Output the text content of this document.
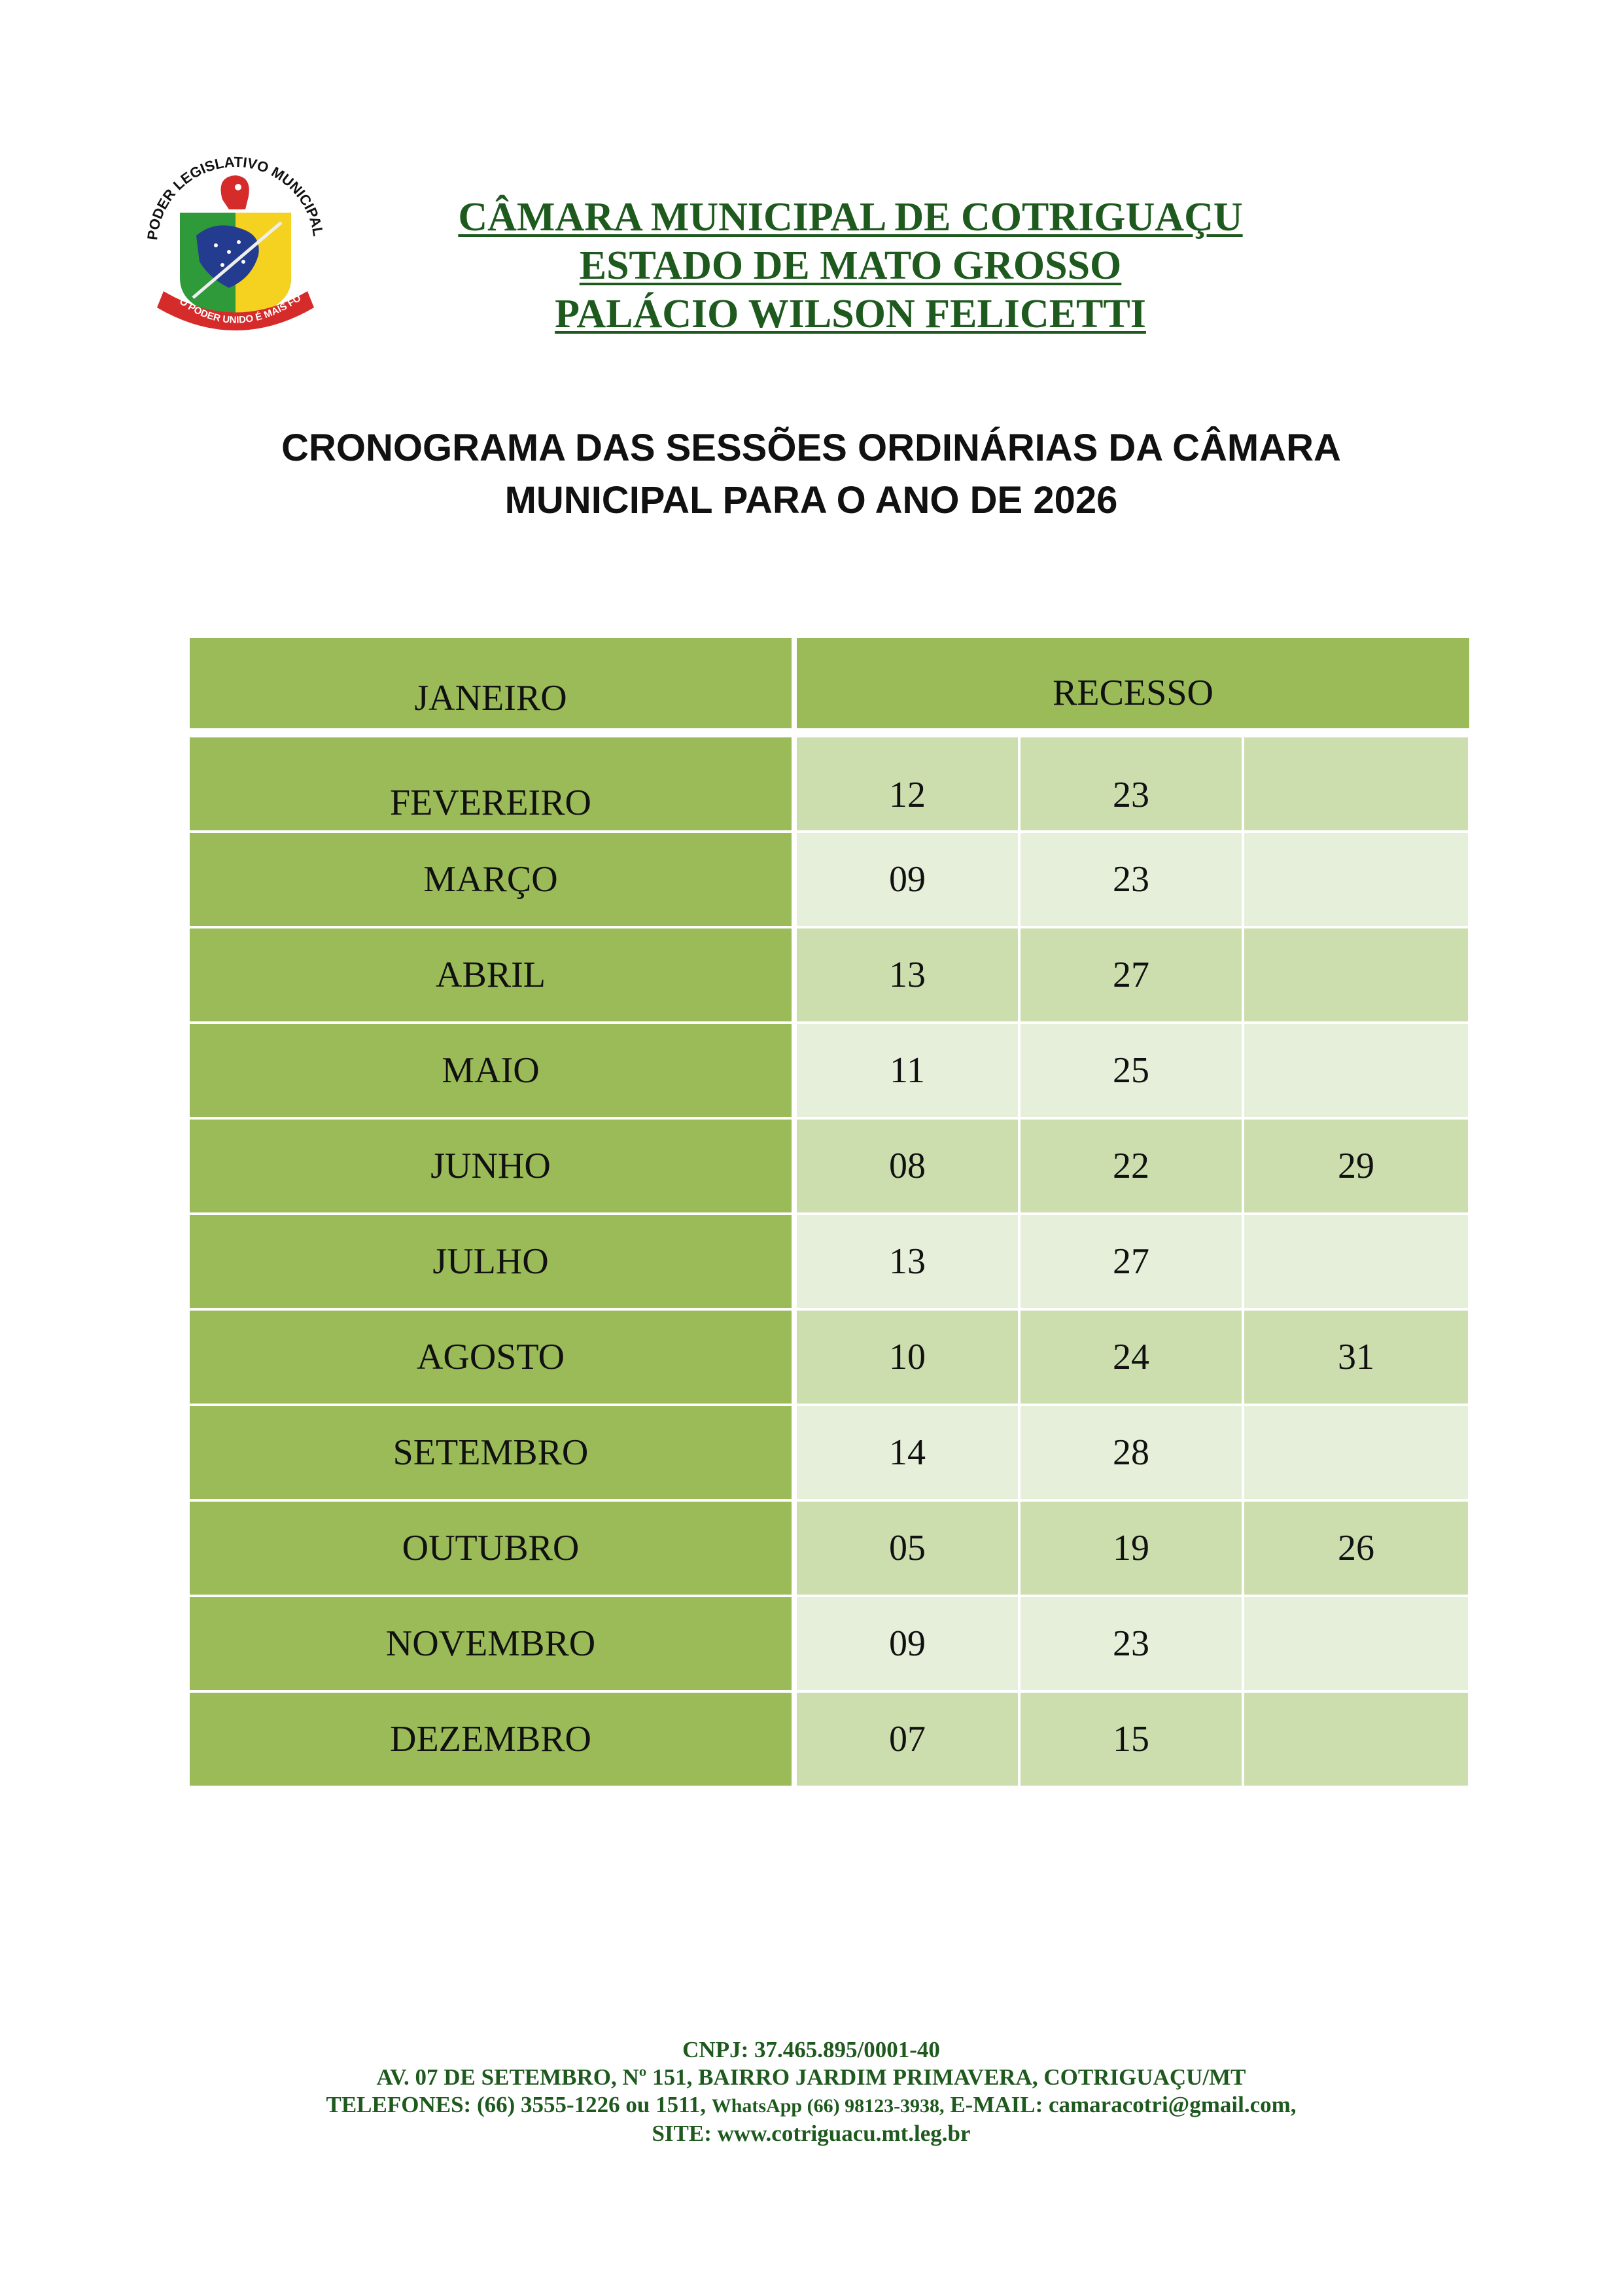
PODER LEGISLATIVO MUNICIPAL
O PODER UNIDO É MAIS FO
CÂMARA MUNICIPAL DE COTRIGUAÇU
ESTADO DE MATO GROSSO
PALÁCIO WILSON FELICETTI
CRONOGRAMA DAS SESSÕES ORDINÁRIAS DA CÂMARA
MUNICIPAL PARA O ANO DE 2026
JANEIRO	RECESSO
FEVEREIRO	12	23
MARÇO	09	23
ABRIL	13	27
MAIO	11	25
JUNHO	08	22	29
JULHO	13	27
AGOSTO	10	24	31
SETEMBRO	14	28
OUTUBRO	05	19	26
NOVEMBRO	09	23
DEZEMBRO	07	15
CNPJ: 37.465.895/0001-40
AV. 07 DE SETEMBRO, Nº 151, BAIRRO JARDIM PRIMAVERA, COTRIGUAÇU/MT
TELEFONES: (66) 3555-1226 ou 1511, WhatsApp (66) 98123-3938, E-MAIL: camaracotri@gmail.com,
SITE: www.cotriguacu.mt.leg.br
